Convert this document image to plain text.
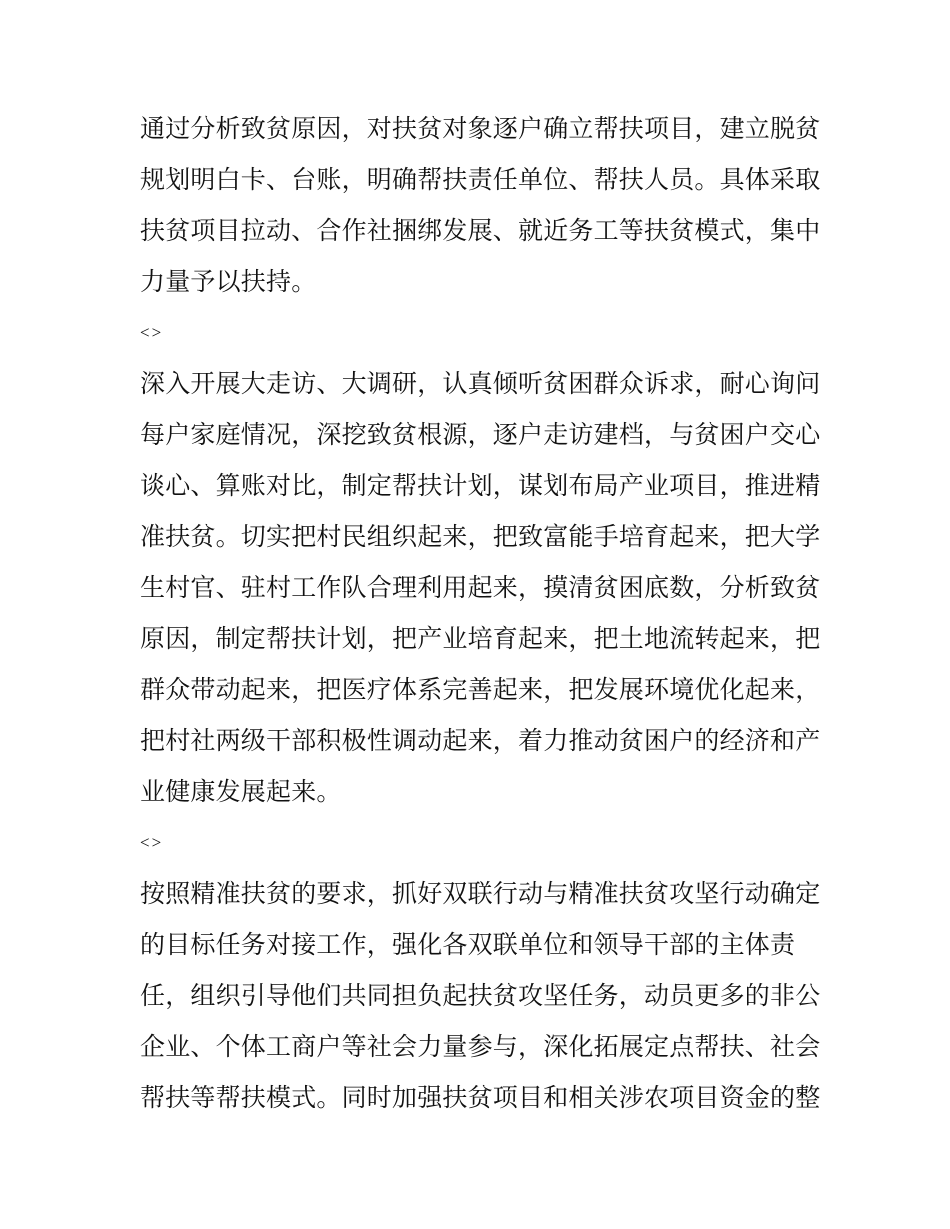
通过分析致贫原因，对扶贫对象逐户确立帮扶项目，建立脱贫
规划明白卡、台账，明确帮扶责任单位、帮扶人员。具体采取
扶贫项目拉动、合作社捆绑发展、就近务工等扶贫模式，集中
力量予以扶持。
<>
深入开展大走访、大调研，认真倾听贫困群众诉求，耐心询问
每户家庭情况，深挖致贫根源，逐户走访建档，与贫困户交心
谈心、算账对比，制定帮扶计划，谋划布局产业项目，推进精
准扶贫。切实把村民组织起来，把致富能手培育起来，把大学
生村官、驻村工作队合理利用起来，摸清贫困底数，分析致贫
原因，制定帮扶计划，把产业培育起来，把土地流转起来，把
群众带动起来，把医疗体系完善起来，把发展环境优化起来，
把村社两级干部积极性调动起来，着力推动贫困户的经济和产
业健康发展起来。
<>
按照精准扶贫的要求，抓好双联行动与精准扶贫攻坚行动确定
的目标任务对接工作，强化各双联单位和领导干部的主体责
任，组织引导他们共同担负起扶贫攻坚任务，动员更多的非公
企业、个体工商户等社会力量参与，深化拓展定点帮扶、社会
帮扶等帮扶模式。同时加强扶贫项目和相关涉农项目资金的整
